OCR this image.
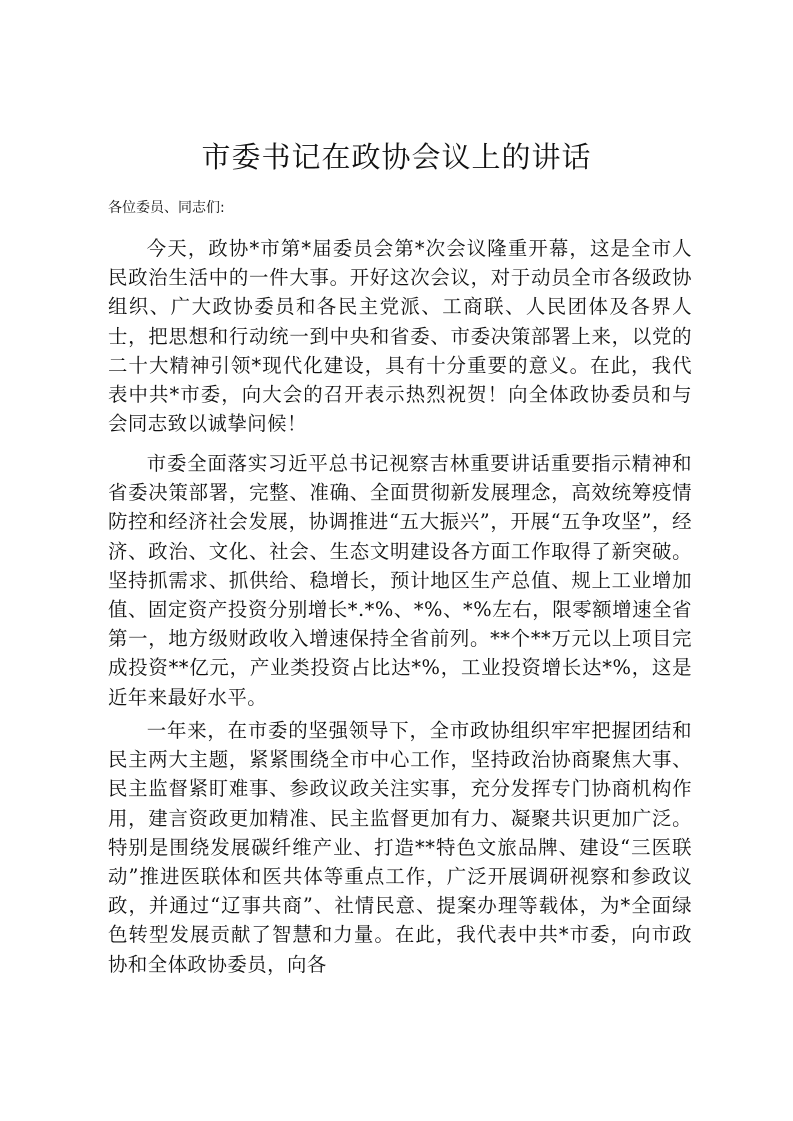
市委书记在政协会议上的讲话

各位委员、同志们:

今天，政协*市第*届委员会第*次会议隆重开幕，这是全市人民政治生活中的一件大事。开好这次会议，对于动员全市各级政协组织、广大政协委员和各民主党派、工商联、人民团体及各界人士，把思想和行动统一到中央和省委、市委决策部署上来，以党的二十大精神引领*现代化建设，具有十分重要的意义。在此，我代表中共*市委，向大会的召开表示热烈祝贺！向全体政协委员和与会同志致以诚挚问候！

市委全面落实习近平总书记视察吉林重要讲话重要指示精神和省委决策部署，完整、准确、全面贯彻新发展理念，高效统筹疫情防控和经济社会发展，协调推进“五大振兴”，开展“五争攻坚”，经济、政治、文化、社会、生态文明建设各方面工作取得了新突破。坚持抓需求、抓供给、稳增长，预计地区生产总值、规上工业增加值、固定资产投资分别增长*.*%、*%、*%左右，限零额增速全省第一，地方级财政收入增速保持全省前列。**个**万元以上项目完成投资**亿元，产业类投资占比达*%，工业投资增长达*%，这是近年来最好水平。

一年来，在市委的坚强领导下，全市政协组织牢牢把握团结和民主两大主题，紧紧围绕全市中心工作，坚持政治协商聚焦大事、民主监督紧盯难事、参政议政关注实事，充分发挥专门协商机构作用，建言资政更加精准、民主监督更加有力、凝聚共识更加广泛。特别是围绕发展碳纤维产业、打造**特色文旅品牌、建设“三医联动”推进医联体和医共体等重点工作，广泛开展调研视察和参政议政，并通过“辽事共商”、社情民意、提案办理等载体，为*全面绿色转型发展贡献了智慧和力量。在此，我代表中共*市委，向市政协和全体政协委员，向各
